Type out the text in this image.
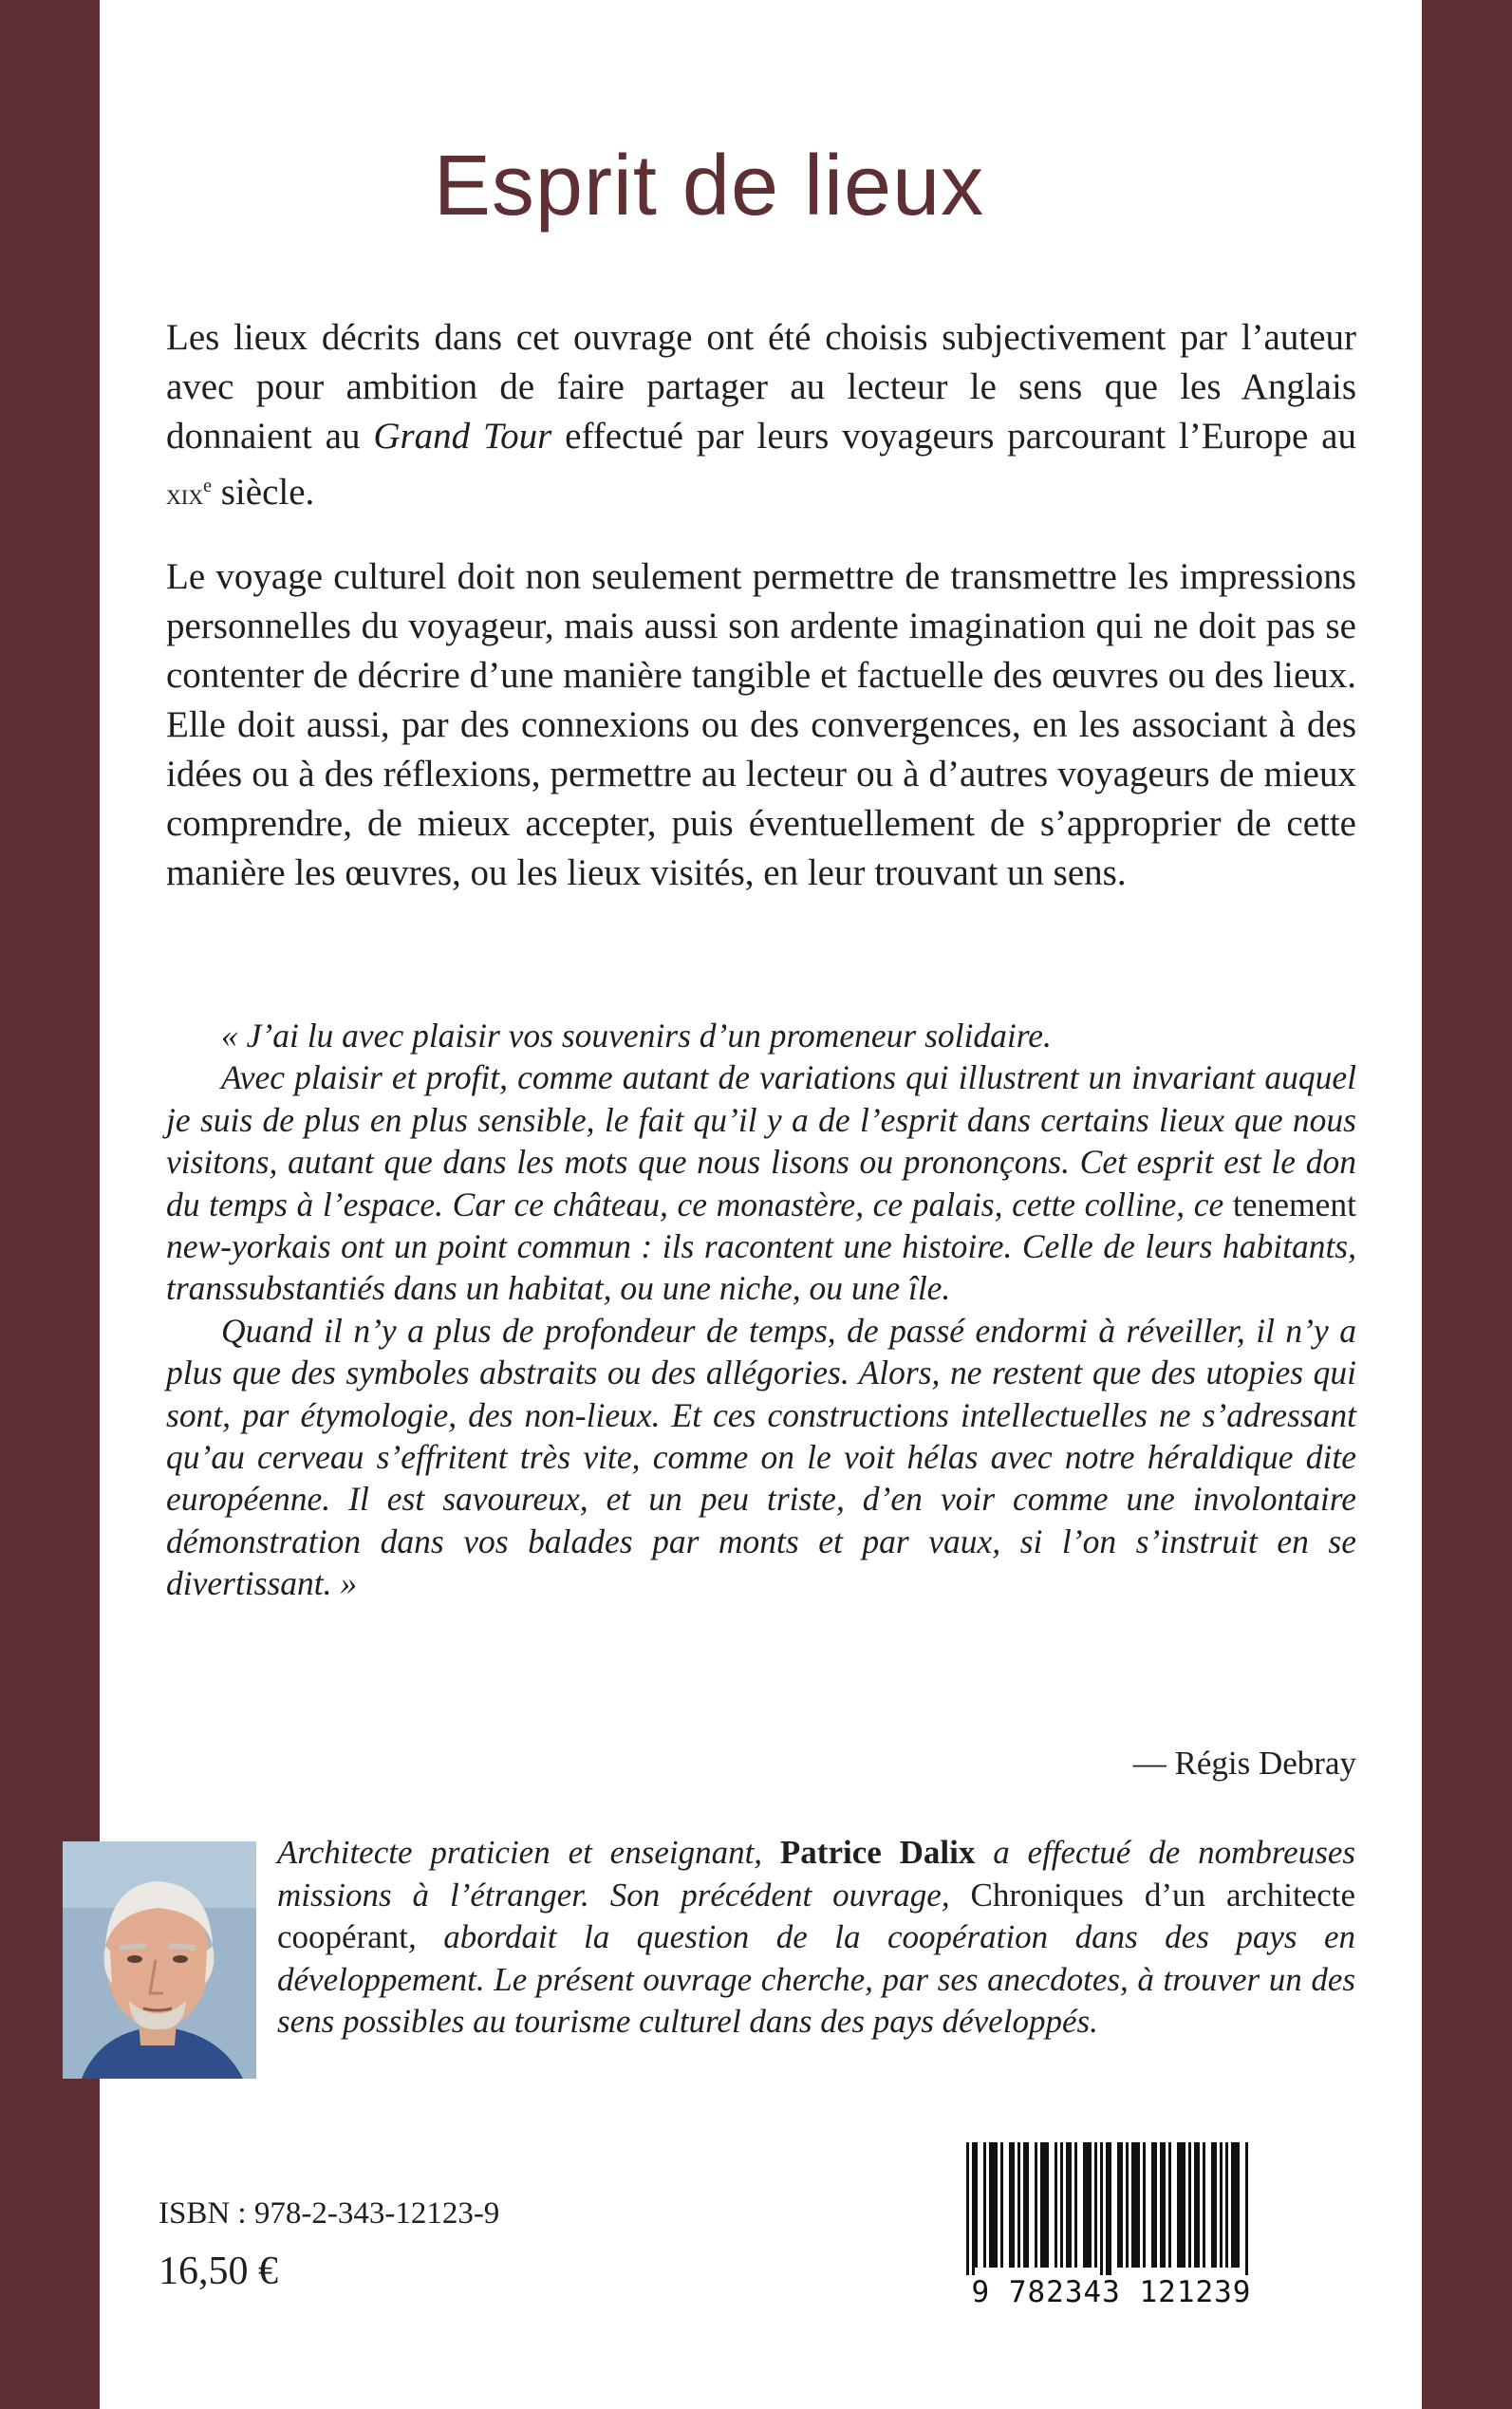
Esprit de lieux

Les lieux décrits dans cet ouvrage ont été choisis subjectivement par l’auteur avec pour ambition de faire partager au lecteur le sens que les Anglais donnaient au Grand Tour effectué par leurs voyageurs parcourant l’Europe au xix$^e$ siècle.

Le voyage culturel doit non seulement permettre de transmettre les impressions personnelles du voyageur, mais aussi son ardente imagination qui ne doit pas se contenter de décrire d’une manière tangible et factuelle des œuvres ou des lieux. Elle doit aussi, par des connexions ou des convergences, en les associant à des idées ou à des réflexions, permettre au lecteur ou à d’autres voyageurs de mieux comprendre, de mieux accepter, puis éventuellement de s’approprier de cette manière les œuvres, ou les lieux visités, en leur trouvant un sens.

« J’ai lu avec plaisir vos souvenirs d’un promeneur solidaire.

Avec plaisir et profit, comme autant de variations qui illustrent un invariant auquel je suis de plus en plus sensible, le fait qu’il y a de l’esprit dans certains lieux que nous visitons, autant que dans les mots que nous lisons ou prononçons. Cet esprit est le don du temps à l’espace. Car ce château, ce monastère, ce palais, cette colline, ce tenement new-yorkais ont un point commun : ils racontent une histoire. Celle de leurs habitants, transsubstantiés dans un habitat, ou une niche, ou une île.

Quand il n’y a plus de profondeur de temps, de passé endormi à réveiller, il n’y a plus que des symboles abstraits ou des allégories. Alors, ne restent que des utopies qui sont, par étymologie, des non-lieux. Et ces constructions intellectuelles ne s’adressant qu’au cerveau s’effritent très vite, comme on le voit hélas avec notre héraldique dite européenne. Il est savoureux, et un peu triste, d’en voir comme une involontaire démonstration dans vos balades par monts et par vaux, si l’on s’instruit en se divertissant. »

— Régis Debray

Architecte praticien et enseignant, Patrice Dalix a effectué de nombreuses missions à l’étranger. Son précédent ouvrage, Chroniques d’un architecte coopérant, abordait la question de la coopération dans des pays en développement. Le présent ouvrage cherche, par ses anecdotes, à trouver un des sens possibles au tourisme culturel dans des pays développés.

ISBN : 978-2-343-12123-9

16,50 €	9 782343 121239
